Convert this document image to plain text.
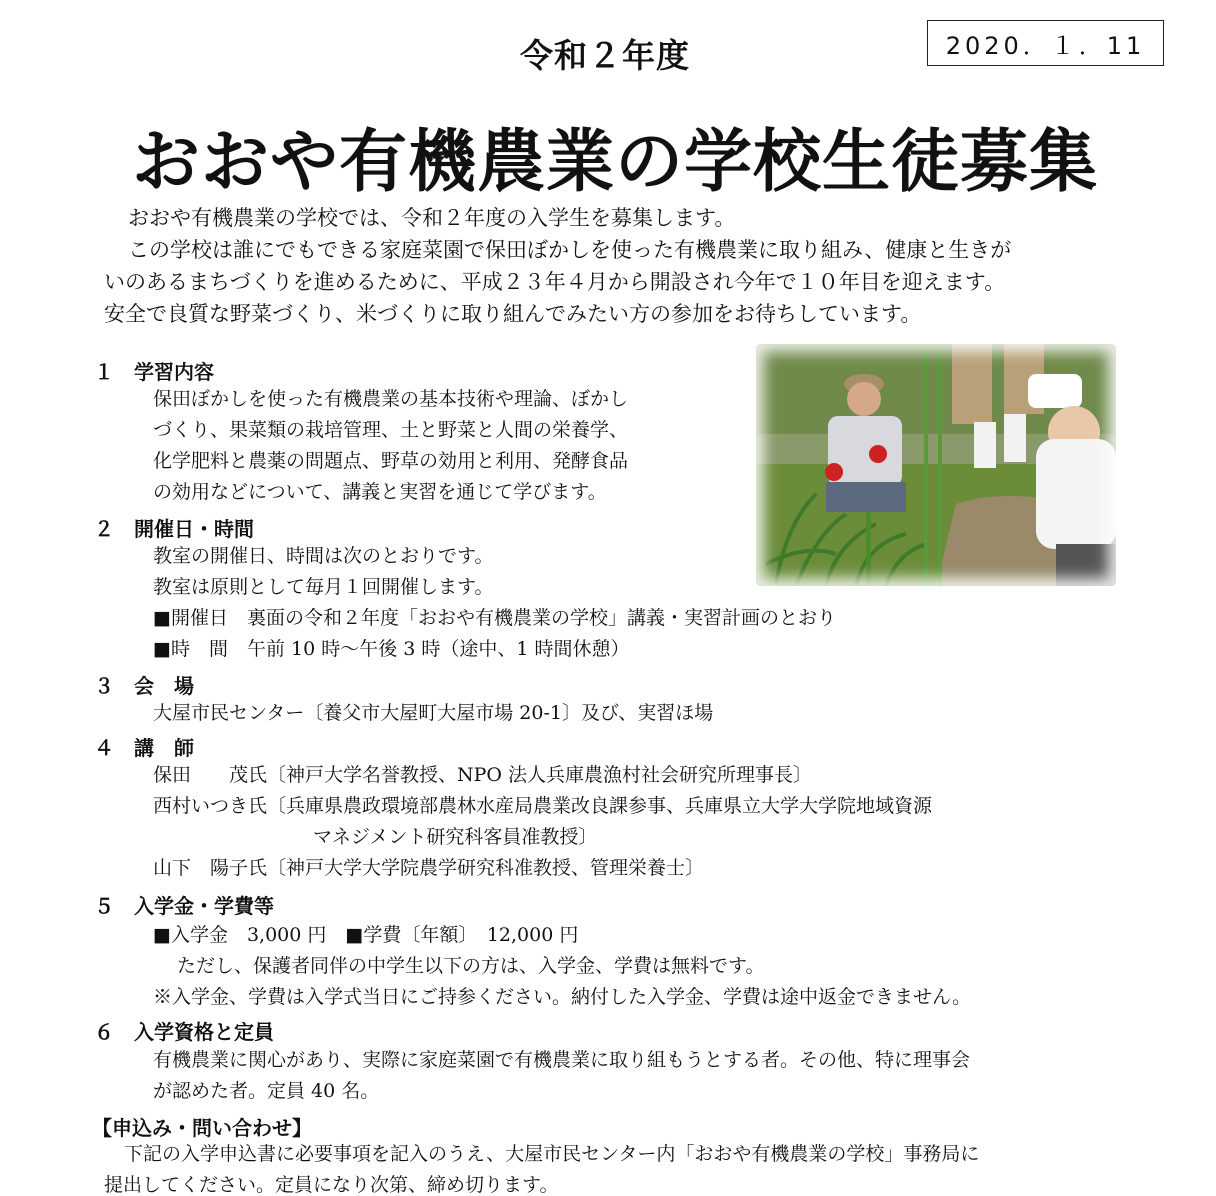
2020．１．11
令和２年度
おおや有機農業の学校生徒募集
おおや有機農業の学校では、令和２年度の入学生を募集します。
この学校は誰にでもできる家庭菜園で保田ぼかしを使った有機農業に取り組み、健康と生きが
いのあるまちづくりを進めるために、平成２３年４月から開設され今年で１０年目を迎えます。
安全で良質な野菜づくり、米づくりに取り組んでみたい方の参加をお待ちしています。
１ 学習内容
保田ぼかしを使った有機農業の基本技術や理論、ぼかし
づくり、果菜類の栽培管理、土と野菜と人間の栄養学、
化学肥料と農薬の問題点、野草の効用と利用、発酵食品
の効用などについて、講義と実習を通じて学びます。
２ 開催日・時間
教室の開催日、時間は次のとおりです。
教室は原則として毎月１回開催します。
■開催日　裏面の令和２年度「おおや有機農業の学校」講義・実習計画のとおり
■時　間　午前 10 時～午後 3 時（途中、1 時間休憩）
３ 会　場
大屋市民センター〔養父市大屋町大屋市場 20-1〕及び、実習ほ場
４ 講　師
保田　　茂氏〔神戸大学名誉教授、NPO 法人兵庫農漁村社会研究所理事長〕
西村いつき氏〔兵庫県農政環境部農林水産局農業改良課参事、兵庫県立大学大学院地域資源
マネジメント研究科客員准教授〕
山下　陽子氏〔神戸大学大学院農学研究科准教授、管理栄養士〕
５ 入学金・学費等
■入学金　3,000 円　■学費〔年額〕　12,000 円
ただし、保護者同伴の中学生以下の方は、入学金、学費は無料です。
※入学金、学費は入学式当日にご持参ください。納付した入学金、学費は途中返金できません。
６ 入学資格と定員
有機農業に関心があり、実際に家庭菜園で有機農業に取り組もうとする者。その他、特に理事会
が認めた者。定員 40 名。
【申込み・問い合わせ】
下記の入学申込書に必要事項を記入のうえ、大屋市民センター内「おおや有機農業の学校」事務局に
提出してください。定員になり次第、締め切ります。
